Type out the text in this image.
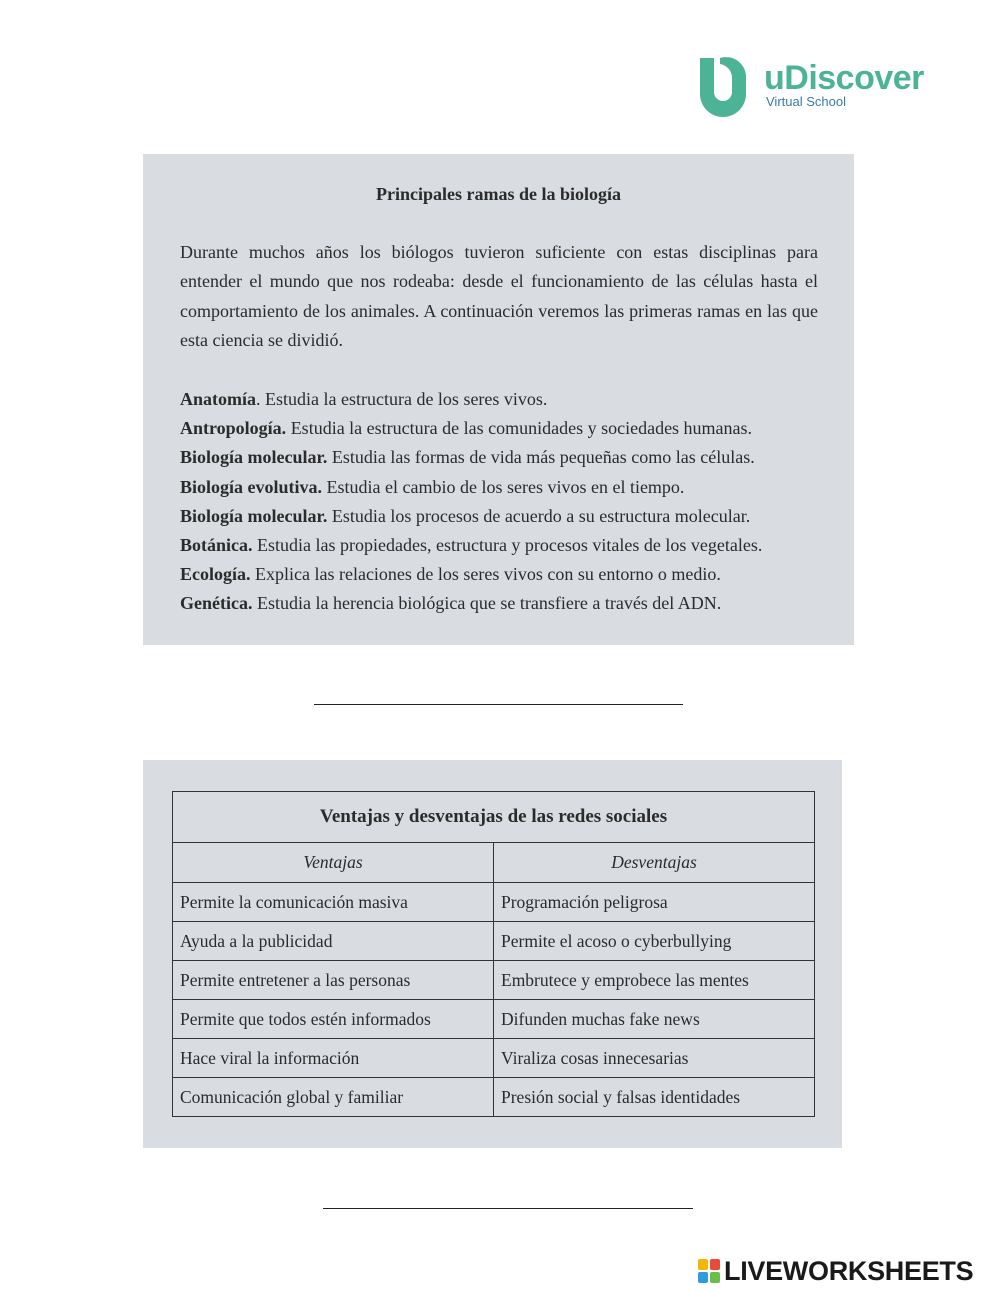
uDiscover
Virtual School
Principales ramas de la biología

Durante muchos años los biólogos tuvieron suficiente con estas disciplinas para entender el mundo que nos rodeaba: desde el funcionamiento de las células hasta el comportamiento de los animales. A continuación veremos las primeras ramas en las que esta ciencia se dividió.

Anatomía. Estudia la estructura de los seres vivos.
Antropología. Estudia la estructura de las comunidades y sociedades humanas.
Biología molecular. Estudia las formas de vida más pequeñas como las células.
Biología evolutiva. Estudia el cambio de los seres vivos en el tiempo.
Biología molecular. Estudia los procesos de acuerdo a su estructura molecular.
Botánica. Estudia las propiedades, estructura y procesos vitales de los vegetales.
Ecología. Explica las relaciones de los seres vivos con su entorno o medio.
Genética. Estudia la herencia biológica que se transfiere a través del ADN.
Ventajas y desventajas de las redes sociales	
Ventajas	Desventajas
Permite la comunicación masiva	Programación peligrosa
Ayuda a la publicidad	Permite el acoso o cyberbullying
Permite entretener a las personas	Embrutece y emprobece las mentes
Permite que todos estén informados	Difunden muchas fake news
Hace viral la información	Viraliza cosas innecesarias
Comunicación global y familiar	Presión social y falsas identidades
LIVEWORKSHEETS
